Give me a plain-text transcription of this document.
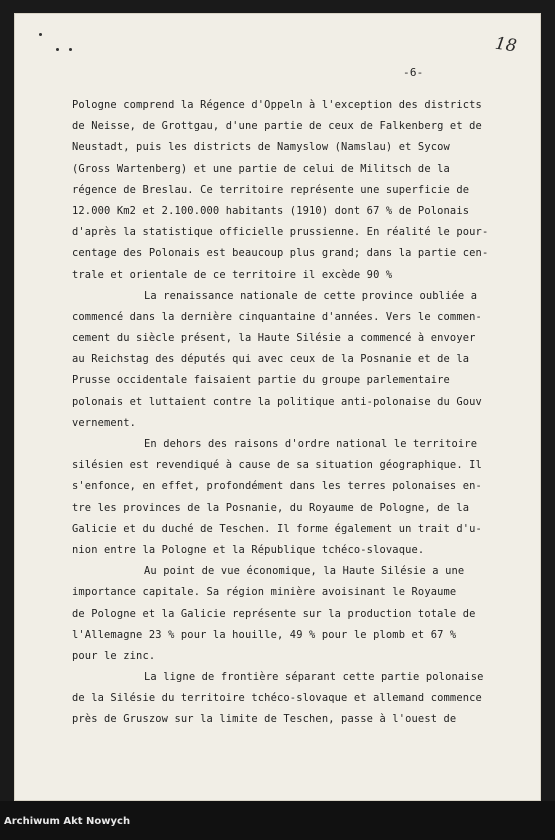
18
-6-
Pologne comprend la Régence d'Oppeln à l'exception des districts
de Neisse, de Grottgau, d'une partie de ceux de Falkenberg et de
Neustadt, puis les districts de Namyslow (Namslau) et Sycow
(Gross Wartenberg) et une partie de celui de Militsch de la
régence de Breslau. Ce territoire représente une superficie de
12.000 Km2 et 2.100.000 habitants (1910) dont 67 % de Polonais
d'après la statistique officielle prussienne. En réalité le pour-
centage des Polonais est beaucoup plus grand; dans la partie cen-
trale et orientale de ce territoire il excède 90 %
La renaissance nationale de cette province oubliée a
commencé dans la dernière cinquantaine d'années. Vers le commen-
cement du siècle présent, la Haute Silésie a commencé à envoyer
au Reichstag des députés qui avec ceux de la Posnanie et de la
Prusse occidentale faisaient partie du groupe parlementaire
polonais et luttaient contre la politique anti-polonaise du Gouv
vernement.
En dehors des raisons d'ordre national le territoire
silésien est revendiqué à cause de sa situation géographique. Il
s'enfonce, en effet, profondément dans les terres polonaises en-
tre les provinces de la Posnanie, du Royaume de Pologne, de la
Galicie et du duché de Teschen. Il forme également un trait d'u-
nion entre la Pologne et la République tchéco-slovaque.
Au point de vue économique, la Haute Silésie a une
importance capitale. Sa région minière avoisinant le Royaume
de Pologne et la Galicie représente sur la production totale de
l'Allemagne 23 % pour la houille, 49 % pour le plomb et 67 %
pour le zinc.
La ligne de frontière séparant cette partie polonaise
de la Silésie du territoire tchéco-slovaque et allemand commence
près de Gruszow sur la limite de Teschen, passe à l'ouest de
Archiwum Akt Nowych
